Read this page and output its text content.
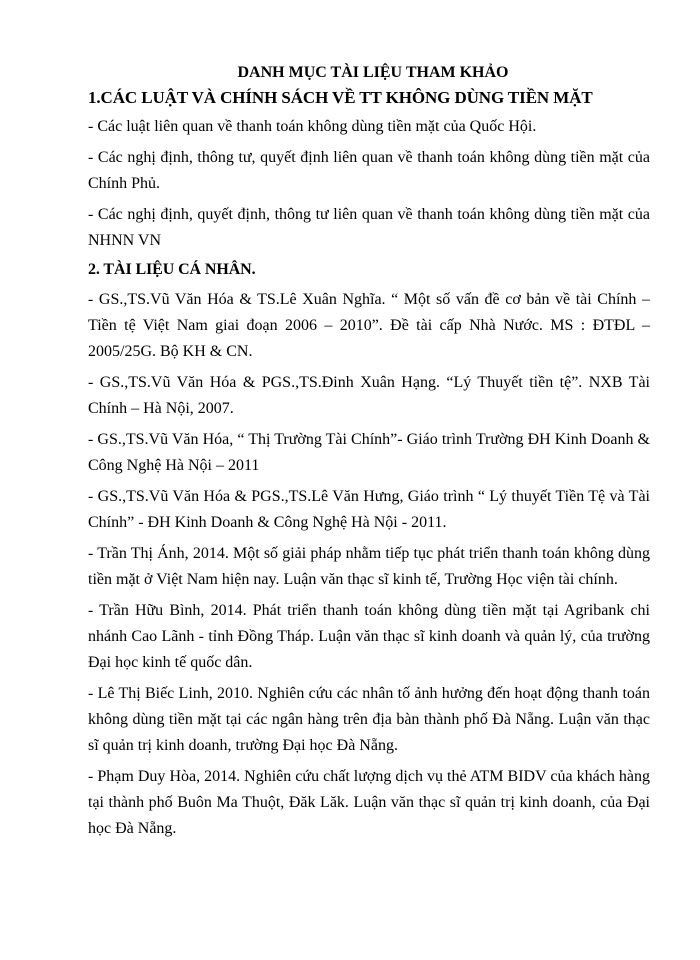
DANH MỤC TÀI LIỆU THAM KHẢO
1.CÁC LUẬT VÀ CHÍNH SÁCH VỀ TT KHÔNG DÙNG TIỀN MẶT

- Các luật liên quan về thanh toán không dùng tiền mặt của Quốc Hội.

- Các nghị định, thông tư, quyết định liên quan về thanh toán không dùng tiền mặt của Chính Phủ.

- Các nghị định, quyết định, thông tư liên quan về thanh toán không dùng tiền mặt của NHNN VN

2. TÀI LIỆU CÁ NHÂN.

- GS.,TS.Vũ Văn Hóa & TS.Lê Xuân Nghĩa. “ Một số vấn đề cơ bản về tài Chính – Tiền tệ Việt Nam giai đoạn 2006 – 2010”. Đề tài cấp Nhà Nước. MS : ĐTĐL – 2005/25G. Bộ KH & CN.

- GS.,TS.Vũ Văn Hóa & PGS.,TS.Đinh Xuân Hạng. “Lý Thuyết tiền tệ”. NXB Tài Chính – Hà Nội, 2007.

- GS.,TS.Vũ Văn Hóa, “ Thị Trường Tài Chính”- Giáo trình Trường ĐH Kinh Doanh & Công Nghệ Hà Nội – 2011

- GS.,TS.Vũ Văn Hóa & PGS.,TS.Lê Văn Hưng, Giáo trình “ Lý thuyết Tiền Tệ và Tài Chính” - ĐH Kinh Doanh & Công Nghệ Hà Nội - 2011.

- Trần Thị Ánh, 2014. Một số giải pháp nhằm tiếp tục phát triển thanh toán không dùng tiền mặt ở Việt Nam hiện nay. Luận văn thạc sĩ kinh tế, Trường Học viện tài chính.

- Trần Hữu Bình, 2014. Phát triển thanh toán không dùng tiền mặt tại Agribank chi nhánh Cao Lãnh - tỉnh Đồng Tháp. Luận văn thạc sĩ kinh doanh và quản lý, của trường Đại học kinh tế quốc dân.

- Lê Thị Biếc Linh, 2010. Nghiên cứu các nhân tố ảnh hưởng đến hoạt động thanh toán không dùng tiền mặt tại các ngân hàng trên địa bàn thành phố Đà Nẵng. Luận văn thạc sĩ quản trị kinh doanh, trường Đại học Đà Nẵng.

- Phạm Duy Hòa, 2014. Nghiên cứu chất lượng dịch vụ thẻ ATM BIDV của khách hàng tại thành phố Buôn Ma Thuột, Đăk Lăk. Luận văn thạc sĩ quản trị kinh doanh, của Đại học Đà Nẵng.
